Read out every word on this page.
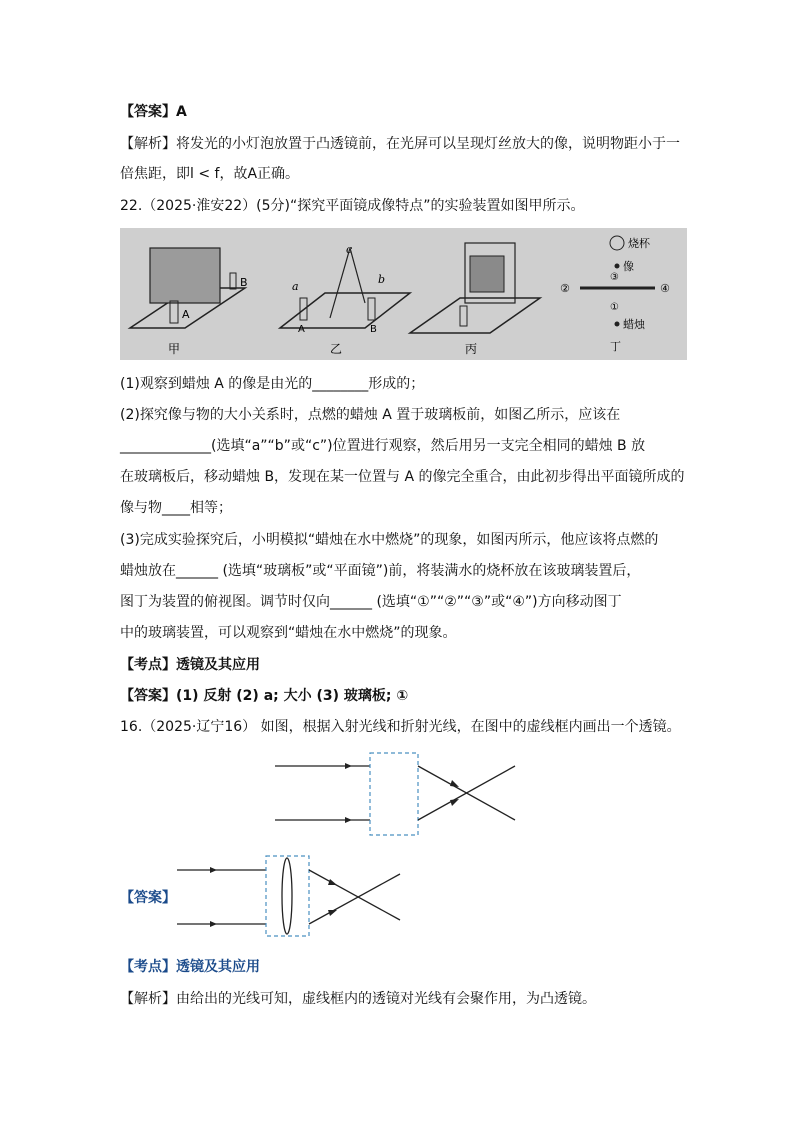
【答案】A
【解析】将发光的小灯泡放置于凸透镜前，在光屏可以呈现灯丝放大的像，说明物距小于一
倍焦距，即l < f，故A正确。
22.（2025·淮安22）(5分)“探究平面镜成像特点”的实验装置如图甲所示。
A
B
甲
a
b
c
A	B
乙	丙
烧杯
像
②	④
③
①
蜡烛
丁
(1)观察到蜡烛 A 的像是由光的________形成的；
(2)探究像与物的大小关系时，点燃的蜡烛 A 置于玻璃板前，如图乙所示，应该在
_____________(选填“a”“b”或“c”)位置进行观察，然后用另一支完全相同的蜡烛 B 放
在玻璃板后，移动蜡烛 B，发现在某一位置与 A 的像完全重合，由此初步得出平面镜所成的
像与物____相等；
(3)完成实验探究后，小明模拟“蜡烛在水中燃烧”的现象，如图丙所示，他应该将点燃的
蜡烛放在______ (选填“玻璃板”或“平面镜”)前，将装满水的烧杯放在该玻璃装置后，
图丁为装置的俯视图。调节时仅向______ (选填“①”“②”“③”或“④”)方向移动图丁
中的玻璃装置，可以观察到“蜡烛在水中燃烧”的现象。
【考点】透镜及其应用
【答案】(1) 反射 (2) a; 大小 (3) 玻璃板; ①
16.（2025·辽宁16） 如图，根据入射光线和折射光线，在图中的虚线框内画出一个透镜。
【答案】
【考点】透镜及其应用
【解析】由给出的光线可知，虚线框内的透镜对光线有会聚作用，为凸透镜。
